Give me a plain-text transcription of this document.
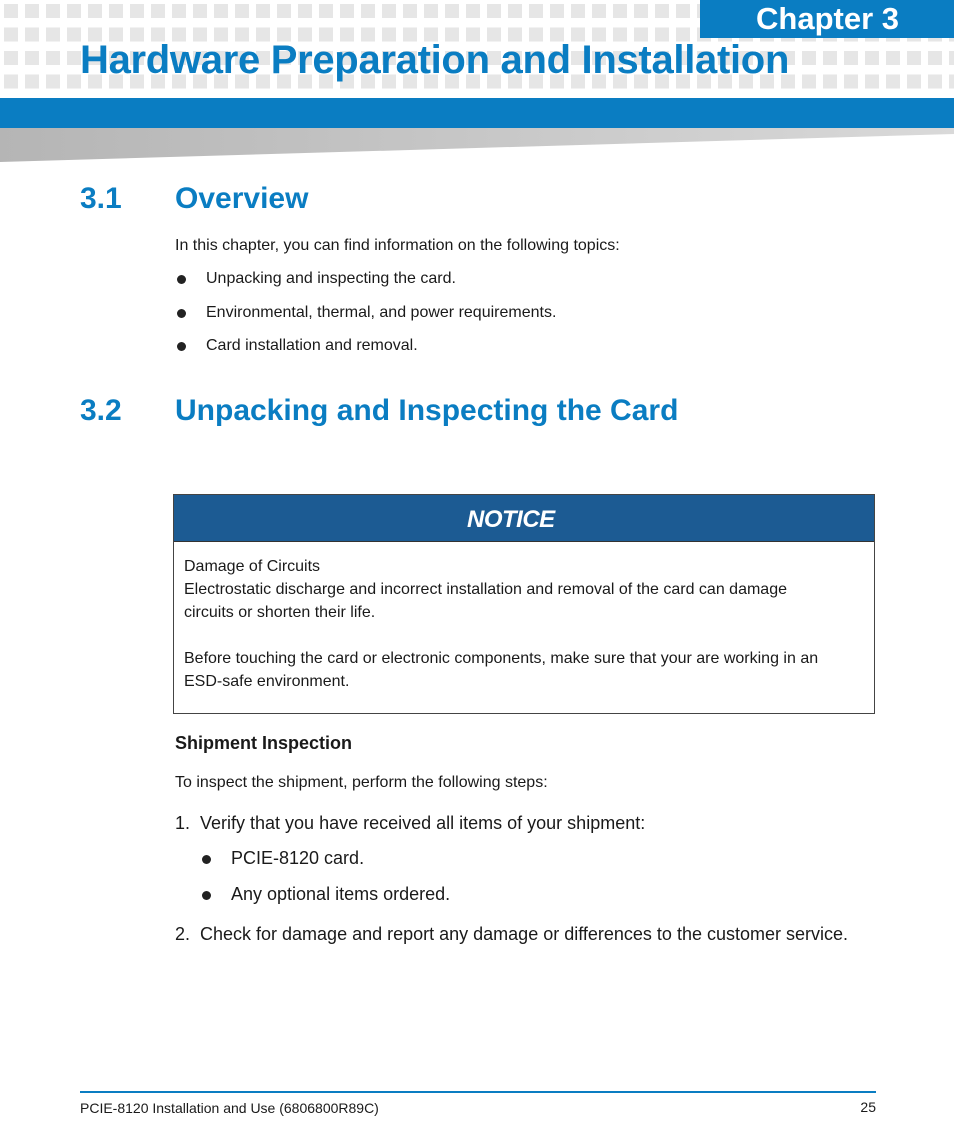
Chapter 3
Hardware Preparation and Installation
3.1 Overview

In this chapter, you can find information on the following topics:

Unpacking and inspecting the card.
Environmental, thermal, and power requirements.
Card installation and removal.
3.2 Unpacking and Inspecting the Card
NOTICE

Damage of Circuits

Electrostatic discharge and incorrect installation and removal of the card can damage

circuits or shorten their life.

Before touching the card or electronic components, make sure that your are working in an

ESD-safe environment.

Shipment Inspection

To inspect the shipment, perform the following steps:

1. Verify that you have received all items of your shipment:
PCIE-8120 card.
Any optional items ordered.
2. Check for damage and report any damage or differences to the customer service.
PCIE-8120 Installation and Use (6806800R89C)	25
